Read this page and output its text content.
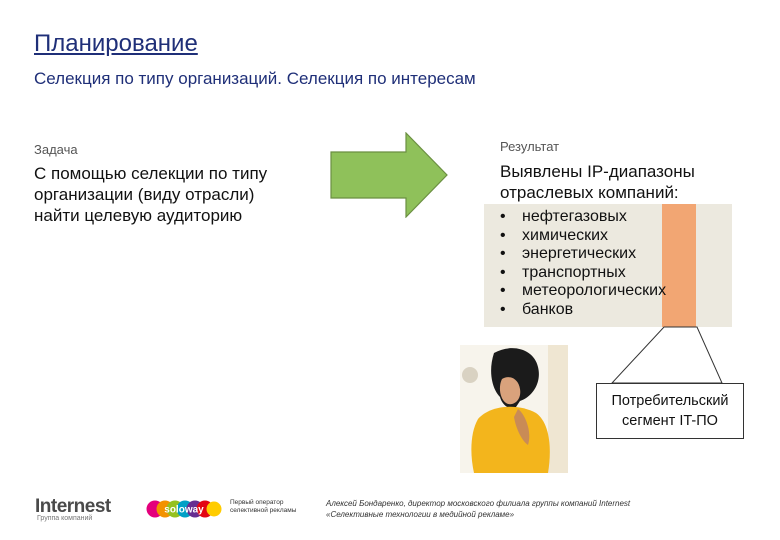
Планирование
Селекция по типу организаций. Селекция по интересам
Задача
С помощью селекции по типу организации (виду отрасли) найти целевую аудиторию
Результат
Выявлены IP-диапазоны отраслевых компаний:
• нефтегазовых
• химических
• энергетических
• транспортных
• метеорологических
• банков
Потребительский
сегмент IT-ПО
Internest
Группа компаний
soloway
Первый оператор селективной рекламы
Алексей Бондаренко, директор московского филиала группы компаний Internest
«Селективные технологии в медийной рекламе»
